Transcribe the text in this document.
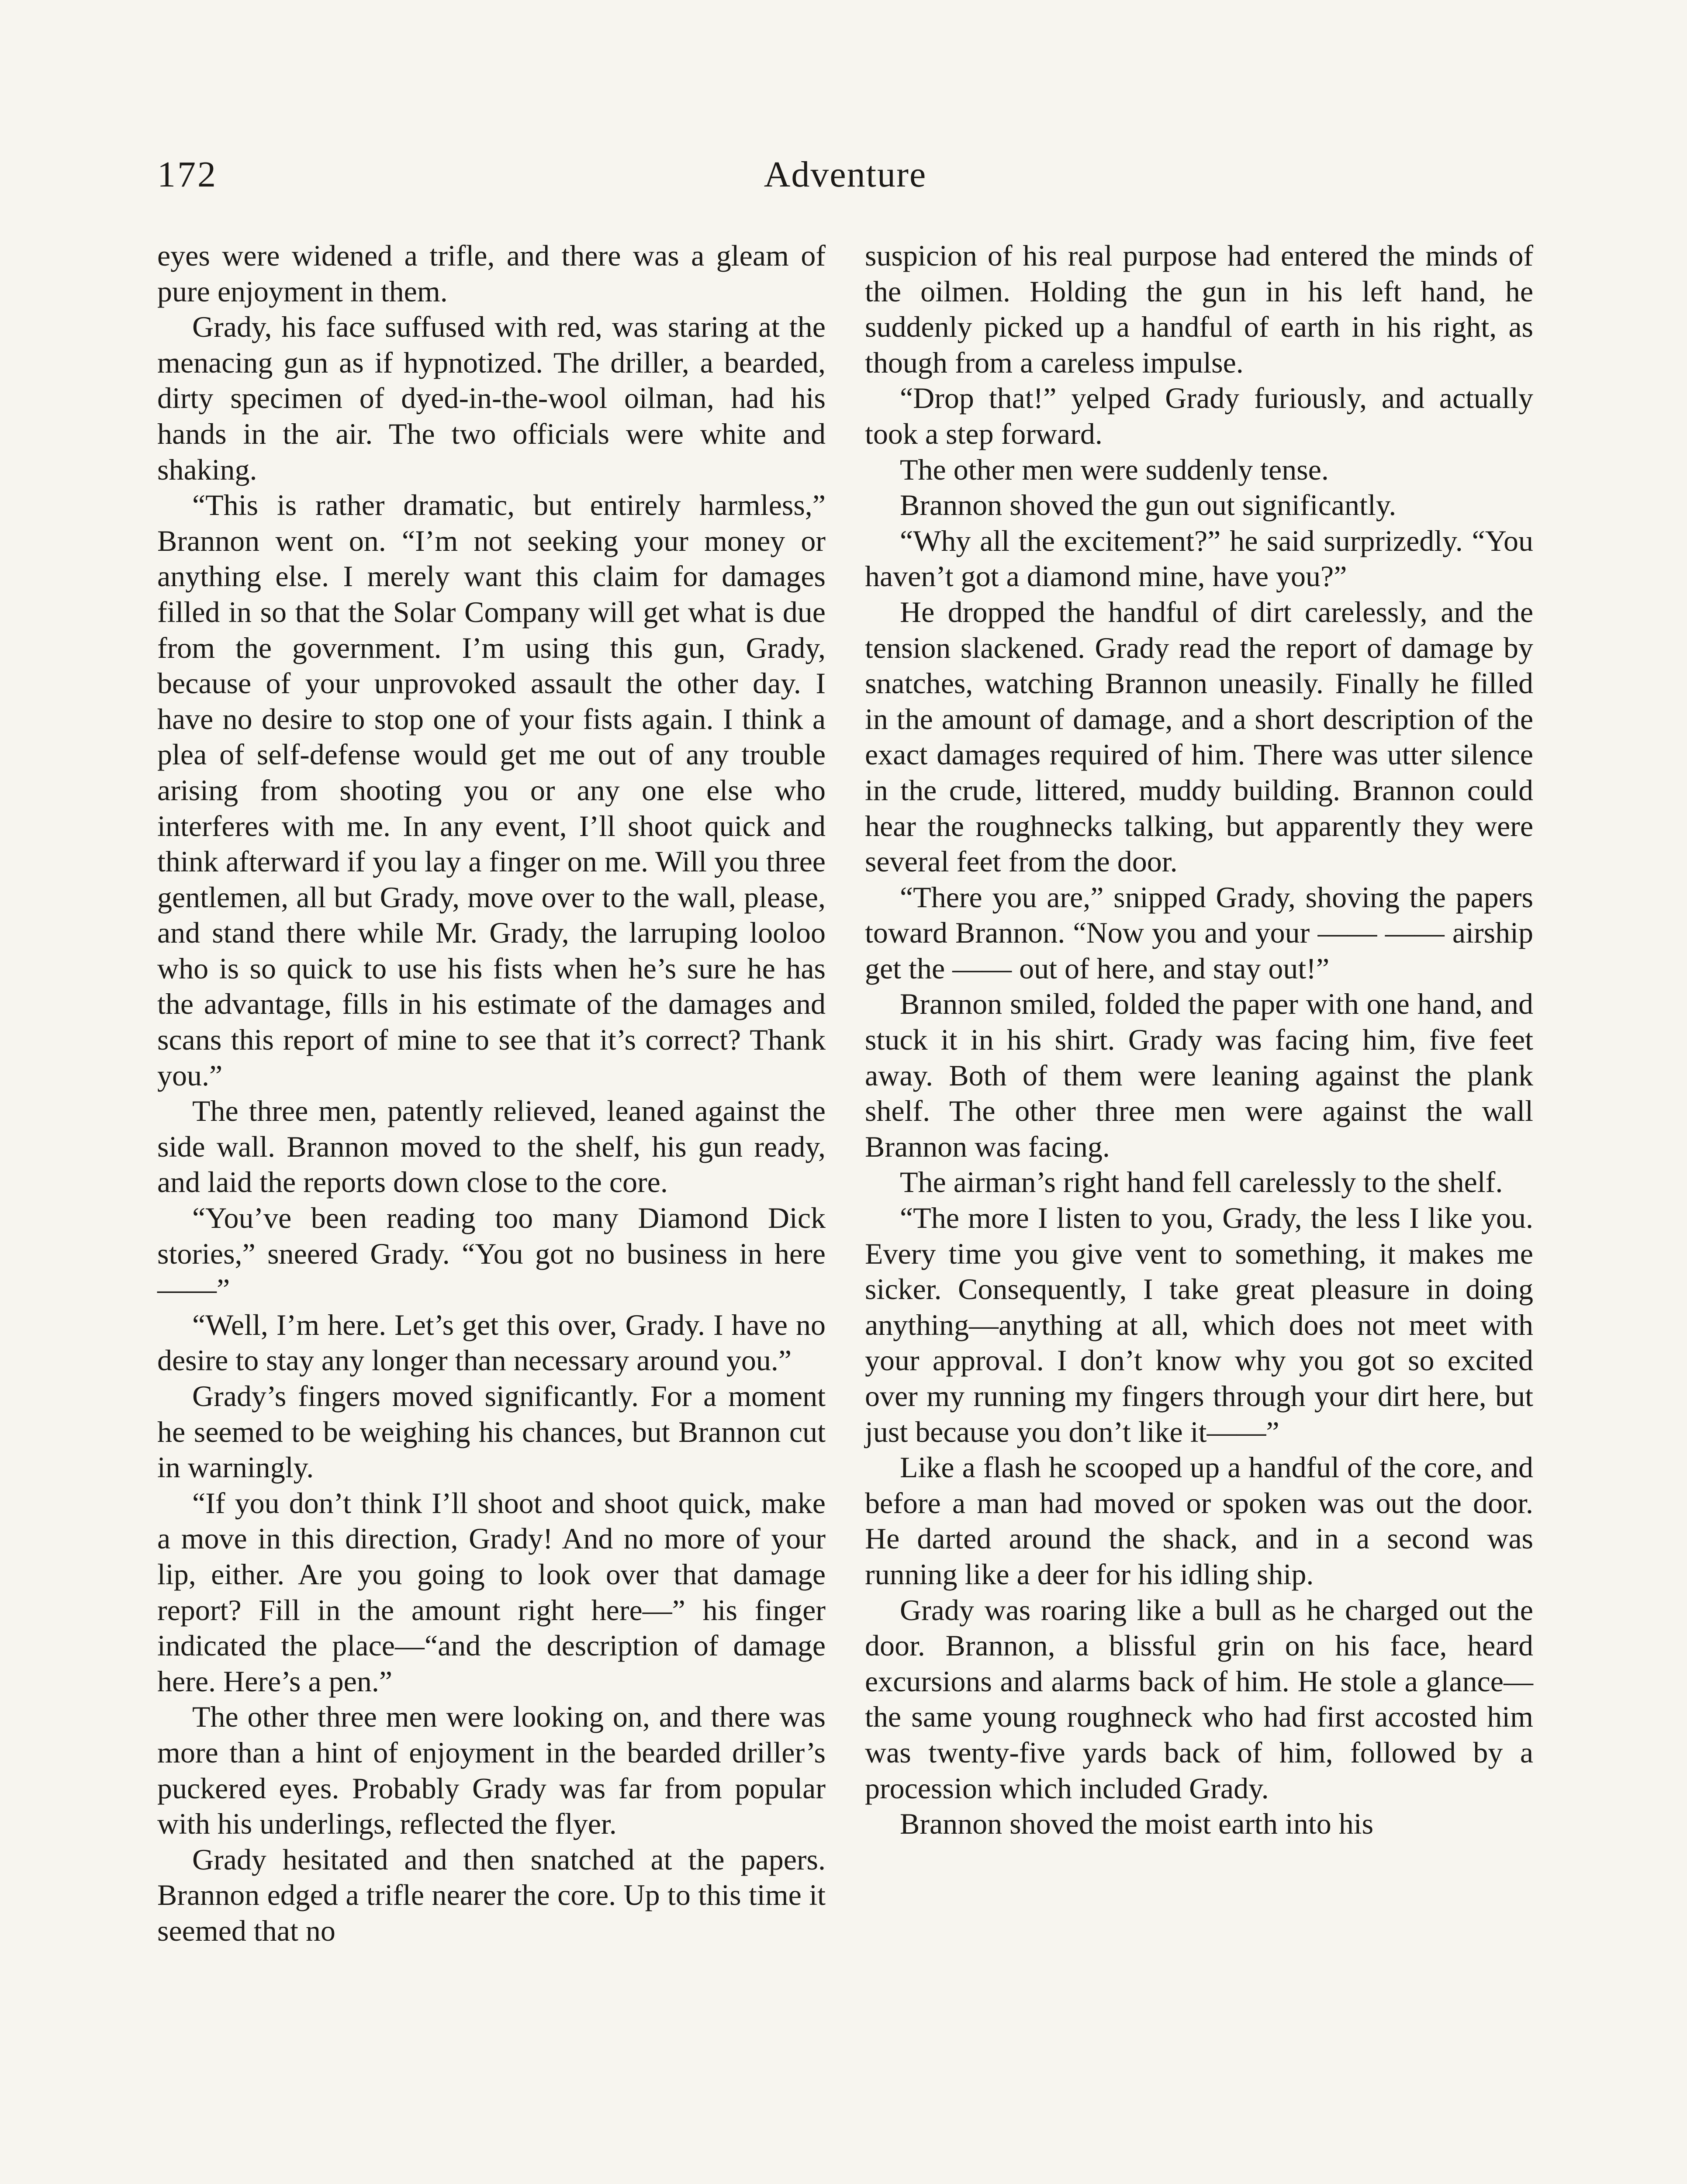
172	Adventure

eyes were widened a trifle, and there was a gleam of pure enjoyment in them.

Grady, his face suffused with red, was staring at the menacing gun as if hypnotized. The driller, a bearded, dirty specimen of dyed-in-the-wool oilman, had his hands in the air. The two officials were white and shaking.

“This is rather dramatic, but entirely harmless,” Brannon went on. “I’m not seeking your money or anything else. I merely want this claim for damages filled in so that the Solar Company will get what is due from the government. I’m using this gun, Grady, because of your unprovoked assault the other day. I have no desire to stop one of your fists again. I think a plea of self-defense would get me out of any trouble arising from shooting you or any one else who interferes with me. In any event, I’ll shoot quick and think afterward if you lay a finger on me. Will you three gentlemen, all but Grady, move over to the wall, please, and stand there while Mr. Grady, the larruping looloo who is so quick to use his fists when he’s sure he has the advantage, fills in his estimate of the damages and scans this report of mine to see that it’s correct? Thank you.”

The three men, patently relieved, leaned against the side wall. Brannon moved to the shelf, his gun ready, and laid the reports down close to the core.

“You’ve been reading too many Diamond Dick stories,” sneered Grady. “You got no business in here——”

“Well, I’m here. Let’s get this over, Grady. I have no desire to stay any longer than necessary around you.”

Grady’s fingers moved significantly. For a moment he seemed to be weighing his chances, but Brannon cut in warningly.

“If you don’t think I’ll shoot and shoot quick, make a move in this direction, Grady! And no more of your lip, either. Are you going to look over that damage report? Fill in the amount right here—” his finger indicated the place—“and the description of damage here. Here’s a pen.”

The other three men were looking on, and there was more than a hint of enjoyment in the bearded driller’s puckered eyes. Probably Grady was far from popular with his underlings, reflected the flyer.

Grady hesitated and then snatched at the papers. Brannon edged a trifle nearer the core. Up to this time it seemed that no

suspicion of his real purpose had entered the minds of the oilmen. Holding the gun in his left hand, he suddenly picked up a handful of earth in his right, as though from a careless impulse.

“Drop that!” yelped Grady furiously, and actually took a step forward.

The other men were suddenly tense.

Brannon shoved the gun out significantly.

“Why all the excitement?” he said surprizedly. “You haven’t got a diamond mine, have you?”

He dropped the handful of dirt carelessly, and the tension slackened. Grady read the report of damage by snatches, watching Brannon uneasily. Finally he filled in the amount of damage, and a short description of the exact damages required of him. There was utter silence in the crude, littered, muddy building. Brannon could hear the roughnecks talking, but apparently they were several feet from the door.

“There you are,” snipped Grady, shoving the papers toward Brannon. “Now you and your —— —— airship get the —— out of here, and stay out!”

Brannon smiled, folded the paper with one hand, and stuck it in his shirt. Grady was facing him, five feet away. Both of them were leaning against the plank shelf. The other three men were against the wall Brannon was facing.

The airman’s right hand fell carelessly to the shelf.

“The more I listen to you, Grady, the less I like you. Every time you give vent to something, it makes me sicker. Consequently, I take great pleasure in doing anything—anything at all, which does not meet with your approval. I don’t know why you got so excited over my running my fingers through your dirt here, but just because you don’t like it——”

Like a flash he scooped up a handful of the core, and before a man had moved or spoken was out the door. He darted around the shack, and in a second was running like a deer for his idling ship.

Grady was roaring like a bull as he charged out the door. Brannon, a blissful grin on his face, heard excursions and alarms back of him. He stole a glance—the same young roughneck who had first accosted him was twenty-five yards back of him, followed by a procession which included Grady.

Brannon shoved the moist earth into his
